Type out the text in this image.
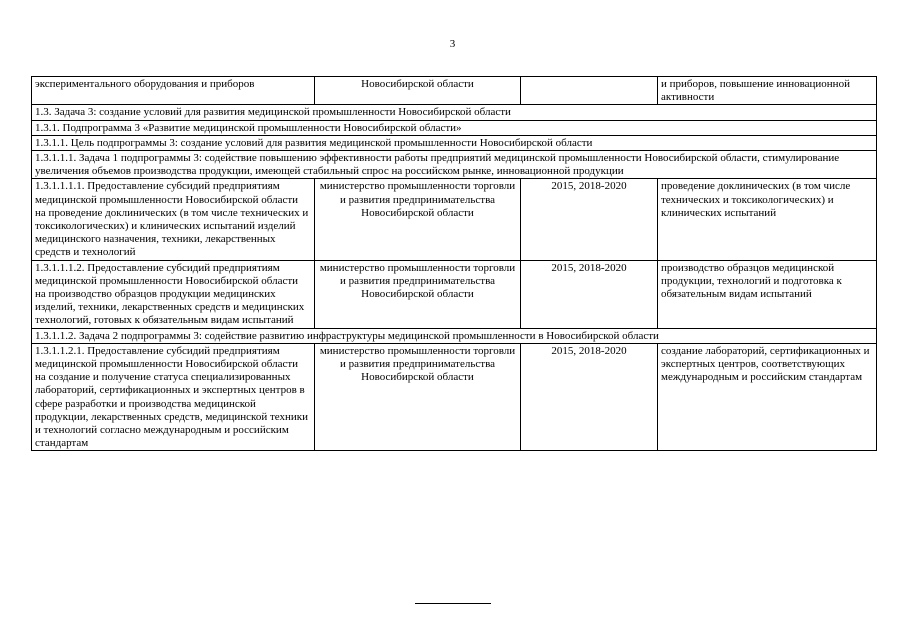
3
экспериментального оборудования и приборов	Новосибирской области		и приборов, повышение инновационной активности
1.3. Задача 3: создание условий для развития медицинской промышленности Новосибирской области			
1.3.1. Подпрограмма 3 «Развитие медицинской промышленности Новосибирской области»			
1.3.1.1. Цель подпрограммы 3: создание условий для развития медицинской промышленности Новосибирской области			
1.3.1.1.1. Задача 1 подпрограммы 3: содействие повышению эффективности работы предприятий медицинской промышленности Новосибирской области, стимулирование увеличения объемов производства продукции, имеющей стабильный спрос на российском рынке, инновационной продукции			
1.3.1.1.1.1. Предоставление субсидий предприятиям медицинской промышленности Новосибирской области на проведение доклинических (в том числе технических и токсикологических) и клинических испытаний изделий медицинского назначения, техники, лекарственных средств и технологий	министерство промышленности торговли и развития предпринимательства Новосибирской области	2015, 2018-2020	проведение доклинических (в том числе технических и токсикологических) и клинических испытаний
1.3.1.1.1.2. Предоставление субсидий предприятиям медицинской промышленности Новосибирской области на производство образцов продукции медицинских изделий, техники, лекарственных средств и медицинских технологий, готовых к обязательным видам испытаний	министерство промышленности торговли и развития предпринимательства Новосибирской области	2015, 2018-2020	производство образцов медицинской продукции, технологий и подготовка к обязательным видам испытаний
1.3.1.1.2. Задача 2 подпрограммы 3: содействие развитию инфраструктуры медицинской промышленности в Новосибирской области			
1.3.1.1.2.1. Предоставление субсидий предприятиям медицинской промышленности Новосибирской области на создание и получение статуса специализированных лабораторий, сертификационных и экспертных центров в сфере разработки и производства медицинской продукции, лекарственных средств, медицинской техники и технологий согласно международным и российским стандартам	министерство промышленности торговли и развития предпринимательства Новосибирской области	2015, 2018-2020	создание лабораторий, сертификационных и экспертных центров, соответствующих международным и российским стандартам
